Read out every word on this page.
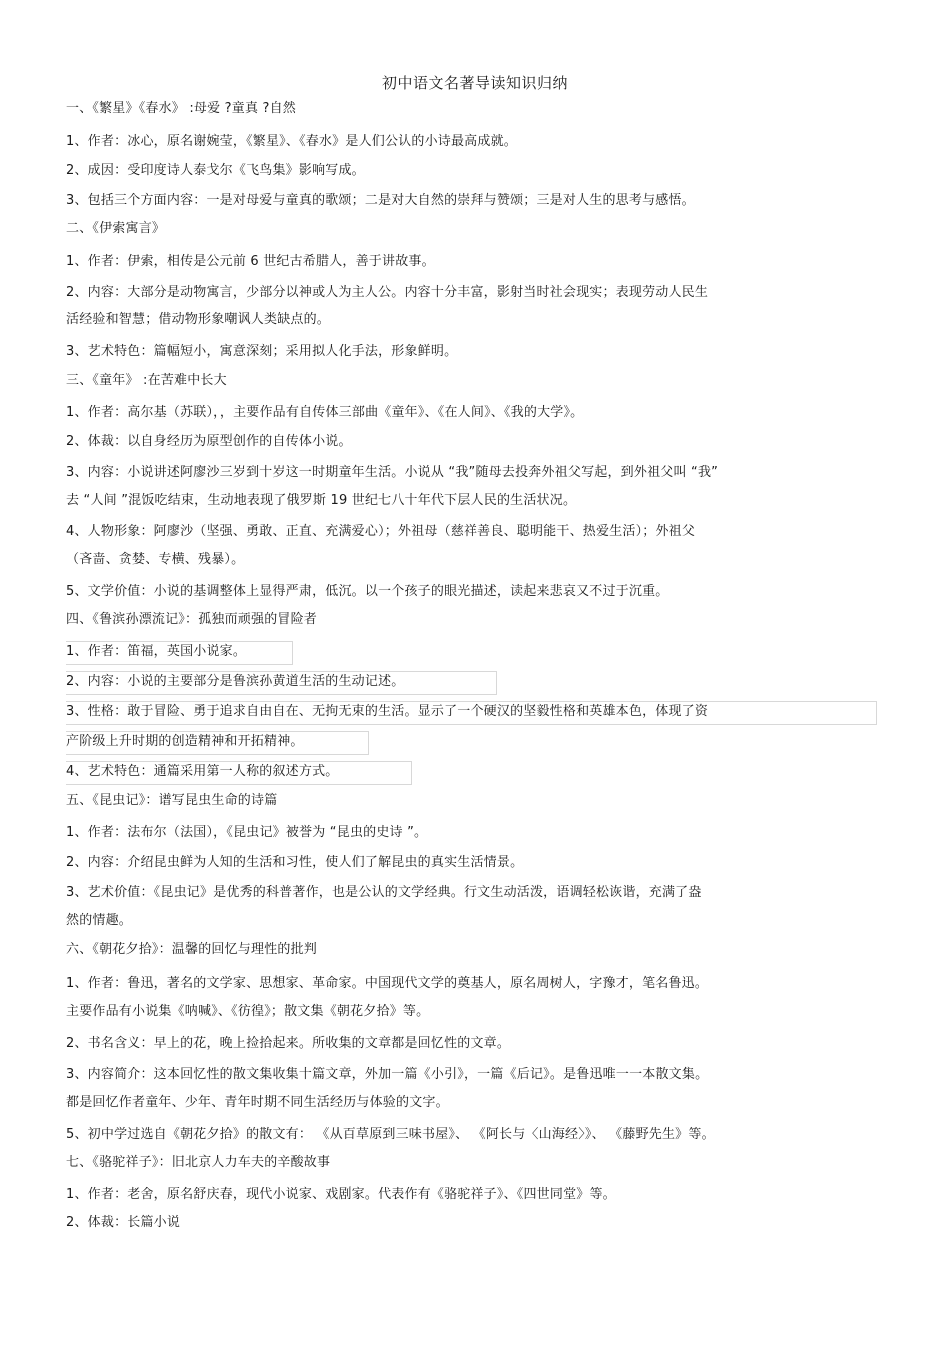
初中语文名著导读知识归纳
一、《繁星》《春水》 :母爱 ?童真 ?自然
1、作者：冰心，原名谢婉莹，《繁星》、《春水》是人们公认的小诗最高成就。
2、成因：受印度诗人泰戈尔《飞鸟集》影响写成。
3、包括三个方面内容：一是对母爱与童真的歌颂；二是对大自然的崇拜与赞颂；三是对人生的思考与感悟。
二、《伊索寓言》
1、作者：伊索，相传是公元前 6 世纪古希腊人，善于讲故事。
2、内容：大部分是动物寓言，少部分以神或人为主人公。内容十分丰富，影射当时社会现实；表现劳动人民生
活经验和智慧；借动物形象嘲讽人类缺点的。
3、艺术特色：篇幅短小，寓意深刻；采用拟人化手法，形象鲜明。
三、《童年》 :在苦难中长大
1、作者：高尔基（苏联），，主要作品有自传体三部曲《童年》、《在人间》、《我的大学》。
2、体裁：以自身经历为原型创作的自传体小说。
3、内容：小说讲述阿廖沙三岁到十岁这一时期童年生活。小说从 “我”随母去投奔外祖父写起，到外祖父叫 “我”
去 “人间 ”混饭吃结束，生动地表现了俄罗斯 19 世纪七八十年代下层人民的生活状况。
4、人物形象：阿廖沙（坚强、勇敢、正直、充满爱心）；外祖母（慈祥善良、聪明能干、热爱生活）；外祖父
（吝啬、贪婪、专横、残暴）。
5、文学价值：小说的基调整体上显得严肃，低沉。以一个孩子的眼光描述，读起来悲哀又不过于沉重。
四、《鲁滨孙漂流记》：孤独而顽强的冒险者
1、作者：笛福，英国小说家。
2、内容：小说的主要部分是鲁滨孙黄道生活的生动记述。
3、性格：敢于冒险、勇于追求自由自在、无拘无束的生活。显示了一个硬汉的坚毅性格和英雄本色，体现了资
产阶级上升时期的创造精神和开拓精神。
4、艺术特色：通篇采用第一人称的叙述方式。
五、《昆虫记》：谱写昆虫生命的诗篇
1、作者：法布尔（法国），《昆虫记》被誉为 “昆虫的史诗 ”。
2、内容：介绍昆虫鲜为人知的生活和习性，使人们了解昆虫的真实生活情景。
3、艺术价值：《昆虫记》是优秀的科普著作，也是公认的文学经典。行文生动活泼，语调轻松诙谐，充满了盎
然的情趣。
六、《朝花夕拾》：温馨的回忆与理性的批判
1、作者：鲁迅，著名的文学家、思想家、革命家。中国现代文学的奠基人，原名周树人，字豫才，笔名鲁迅。
主要作品有小说集《呐喊》、《彷徨》；散文集《朝花夕拾》等。
2、书名含义：早上的花，晚上捡拾起来。所收集的文章都是回忆性的文章。
3、内容简介：这本回忆性的散文集收集十篇文章，外加一篇《小引》，一篇《后记》。是鲁迅唯一一本散文集。
都是回忆作者童年、少年、青年时期不同生活经历与体验的文字。
5、初中学过选自《朝花夕拾》的散文有： 《从百草原到三味书屋》、 《阿长与〈山海经〉》、 《藤野先生》等。
七、《骆驼祥子》：旧北京人力车夫的辛酸故事
1、作者：老舍，原名舒庆春，现代小说家、戏剧家。代表作有《骆驼祥子》、《四世同堂》等。
2、体裁：长篇小说
